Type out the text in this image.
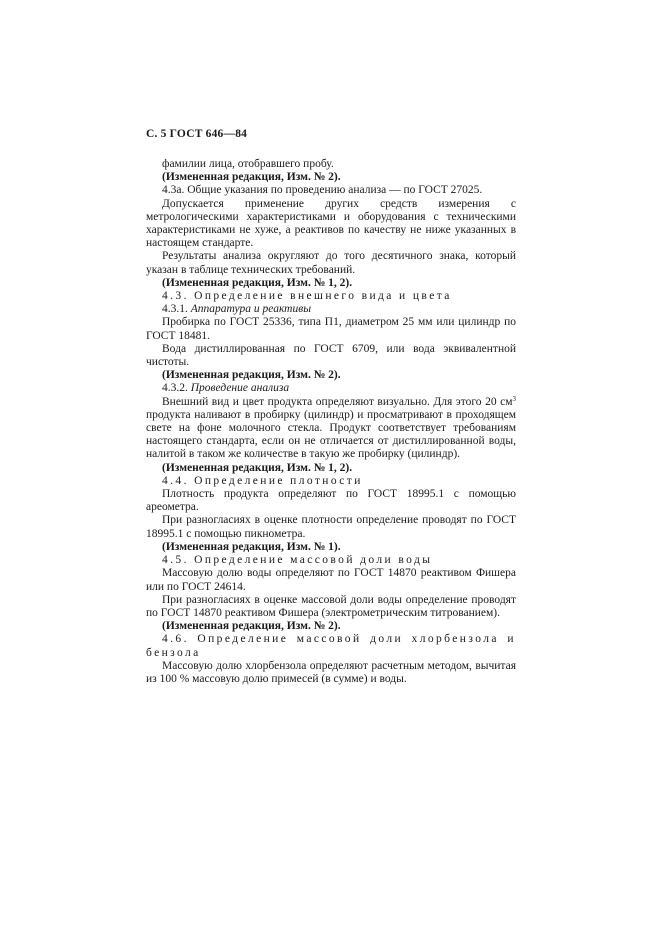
С. 5 ГОСТ 646—84

фамилии лица, отобравшего пробу.

(Измененная редакция, Изм. № 2).

4.3а. Общие указания по проведению анализа — по ГОСТ 27025.

Допускается применение других средств измерения с метрологическими характеристиками и оборудования с техническими характеристиками не хуже, а реактивов по качеству не ниже указанных в настоящем стандарте.

Результаты анализа округляют до того десятичного знака, который указан в таблице технических требований.

(Измененная редакция, Изм. № 1, 2).

4.3. Определение внешнего вида и цвета

4.3.1. Аппаратура и реактивы

Пробирка по ГОСТ 25336, типа П1, диаметром 25 мм или цилиндр по ГОСТ 18481.

Вода дистиллированная по ГОСТ 6709, или вода эквивалентной чистоты.

(Измененная редакция, Изм. № 2).

4.3.2. Проведение анализа

Внешний вид и цвет продукта определяют визуально. Для этого 20 $см^3$ продукта наливают в пробирку (цилиндр) и просматривают в проходящем свете на фоне молочного стекла. Продукт соответствует требованиям настоящего стандарта, если он не отличается от дистиллированной воды, налитой в таком же количестве в такую же пробирку (цилиндр).

(Измененная редакция, Изм. № 1, 2).

4.4. Определение плотности

Плотность продукта определяют по ГОСТ 18995.1 с помощью ареометра.

При разногласиях в оценке плотности определение проводят по ГОСТ 18995.1 с помощью пикнометра.

(Измененная редакция, Изм. № 1).

4.5. Определение массовой доли воды

Массовую долю воды определяют по ГОСТ 14870 реактивом Фишера или по ГОСТ 24614.

При разногласиях в оценке массовой доли воды определение проводят по ГОСТ 14870 реактивом Фишера (электрометрическим титрованием).

(Измененная редакция, Изм. № 2).

4.6. Определение массовой доли хлорбензола и бензола

Массовую долю хлорбензола определяют расчетным методом, вычитая из 100 % массовую долю примесей (в сумме) и воды.
